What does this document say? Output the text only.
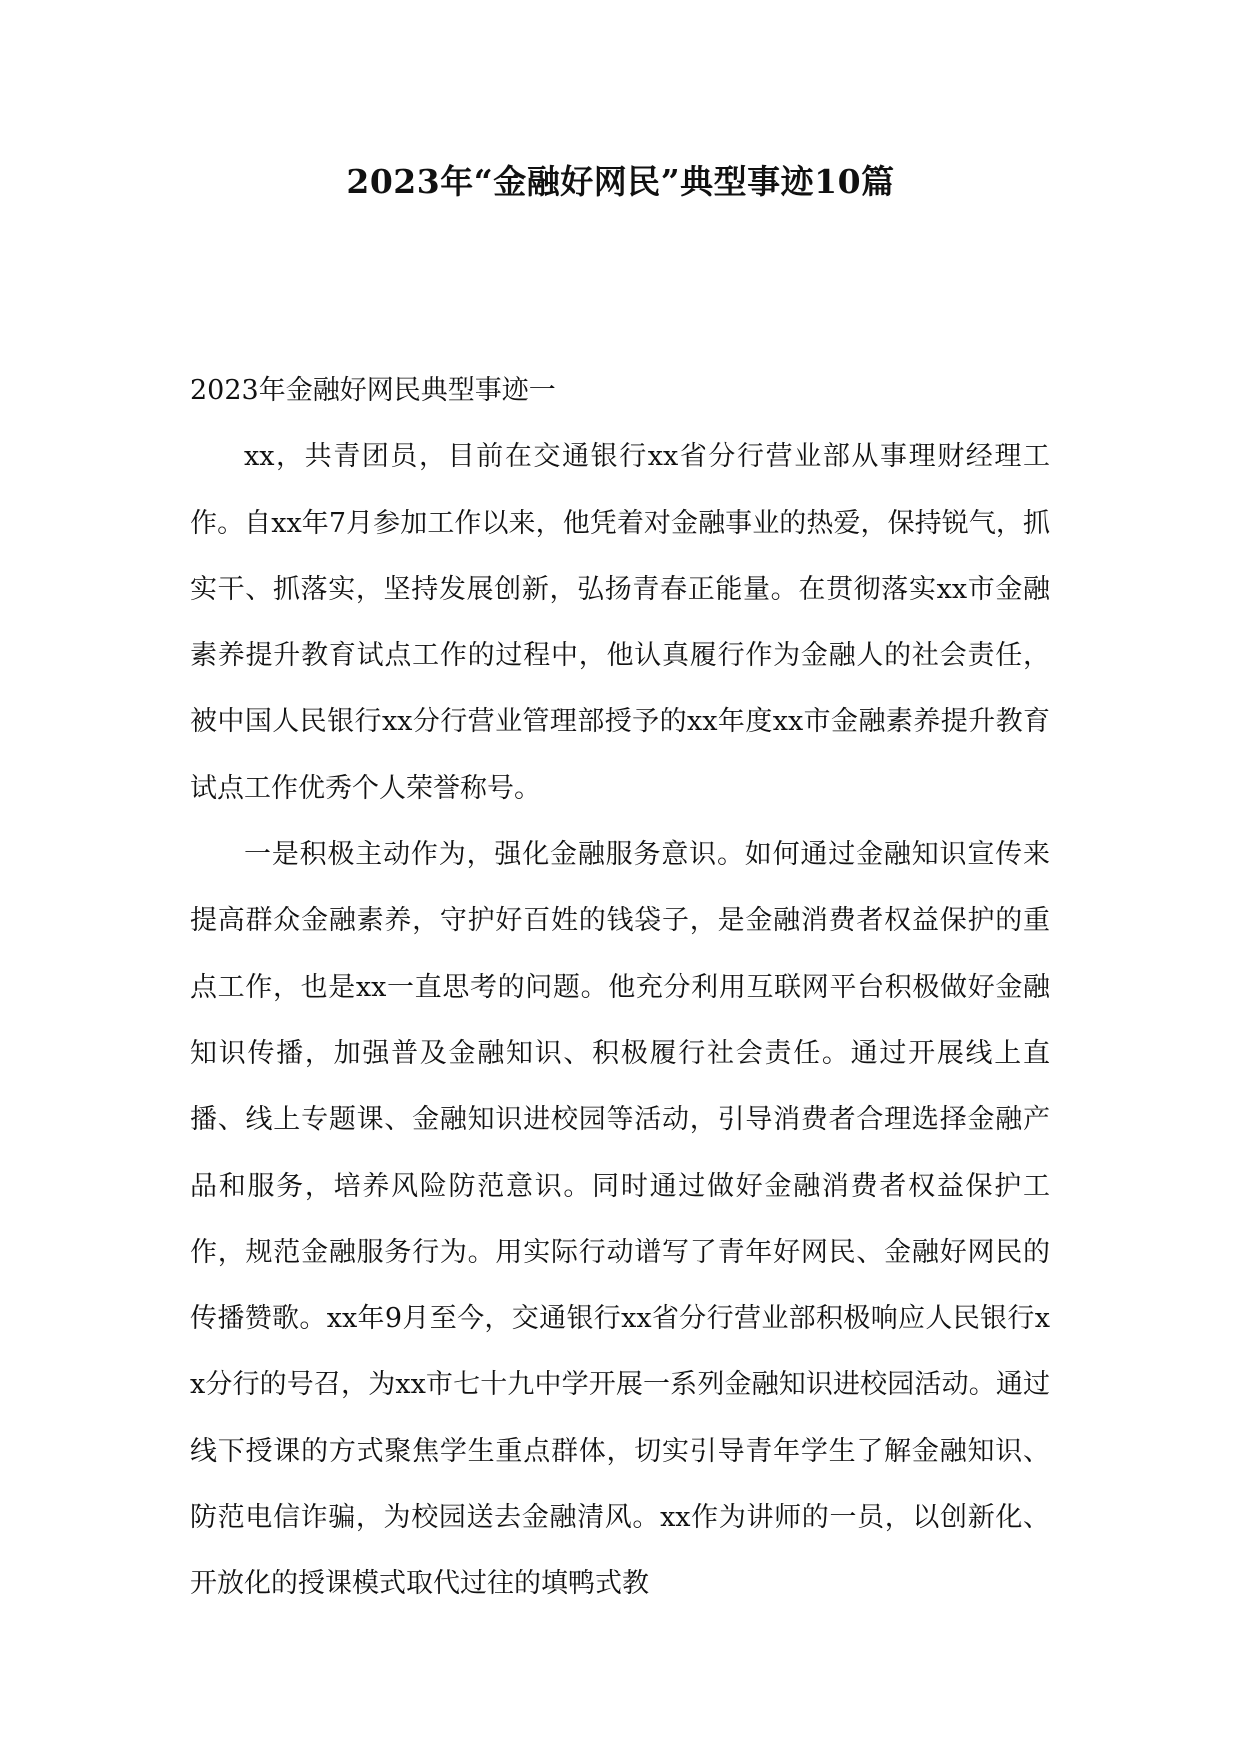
2023年“金融好网民”典型事迹10篇

2023年金融好网民典型事迹一

xx，共青团员，目前在交通银行xx省分行营业部从事理财经理工作。自xx年7月参加工作以来，他凭着对金融事业的热爱，保持锐气，抓实干、抓落实，坚持发展创新，弘扬青春正能量。在贯彻落实xx市金融素养提升教育试点工作的过程中，他认真履行作为金融人的社会责任，被中国人民银行xx分行营业管理部授予的xx年度xx市金融素养提升教育试点工作优秀个人荣誉称号。

一是积极主动作为，强化金融服务意识。如何通过金融知识宣传来提高群众金融素养，守护好百姓的钱袋子，是金融消费者权益保护的重点工作，也是xx一直思考的问题。他充分利用互联网平台积极做好金融知识传播，加强普及金融知识、积极履行社会责任。通过开展线上直播、线上专题课、金融知识进校园等活动，引导消费者合理选择金融产品和服务，培养风险防范意识。同时通过做好金融消费者权益保护工作，规范金融服务行为。用实际行动谱写了青年好网民、金融好网民的传播赞歌。xx年9月至今，交通银行xx省分行营业部积极响应人民银行xx分行的号召，为xx市七十九中学开展一系列金融知识进校园活动。通过线下授课的方式聚焦学生重点群体，切实引导青年学生了解金融知识、防范电信诈骗，为校园送去金融清风。xx作为讲师的一员，以创新化、开放化的授课模式取代过往的填鸭式教
